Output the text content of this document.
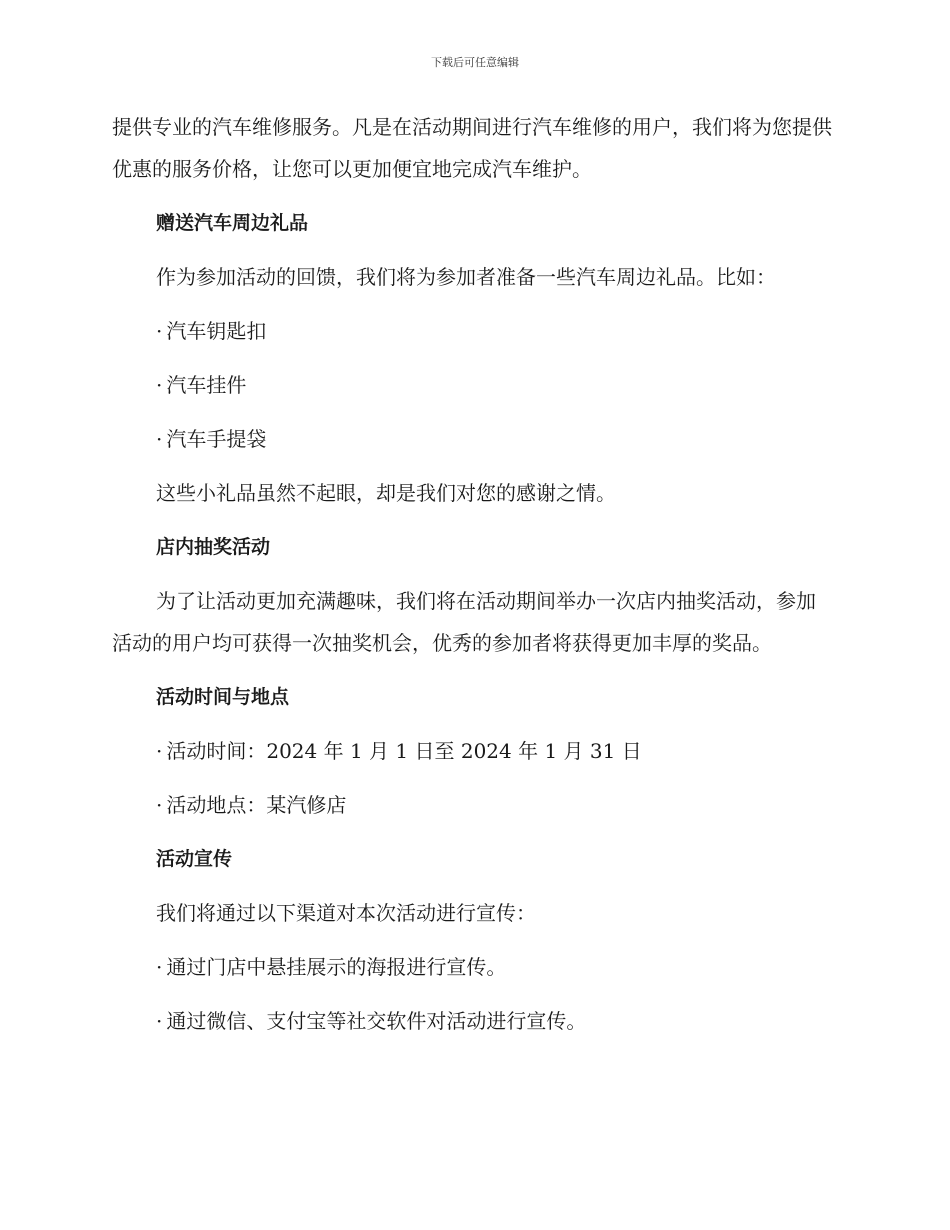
下载后可任意编辑

提供专业的汽车维修服务。凡是在活动期间进行汽车维修的用户，我们将为您提供优惠的服务价格，让您可以更加便宜地完成汽车维护。

赠送汽车周边礼品

作为参加活动的回馈，我们将为参加者准备一些汽车周边礼品。比如：

· 汽车钥匙扣

· 汽车挂件

· 汽车手提袋

这些小礼品虽然不起眼，却是我们对您的感谢之情。

店内抽奖活动

为了让活动更加充满趣味，我们将在活动期间举办一次店内抽奖活动，参加活动的用户均可获得一次抽奖机会，优秀的参加者将获得更加丰厚的奖品。

活动时间与地点

· 活动时间：2024 年 1 月 1 日至 2024 年 1 月 31 日

· 活动地点：某汽修店

活动宣传

我们将通过以下渠道对本次活动进行宣传：

· 通过门店中悬挂展示的海报进行宣传。

· 通过微信、支付宝等社交软件对活动进行宣传。
